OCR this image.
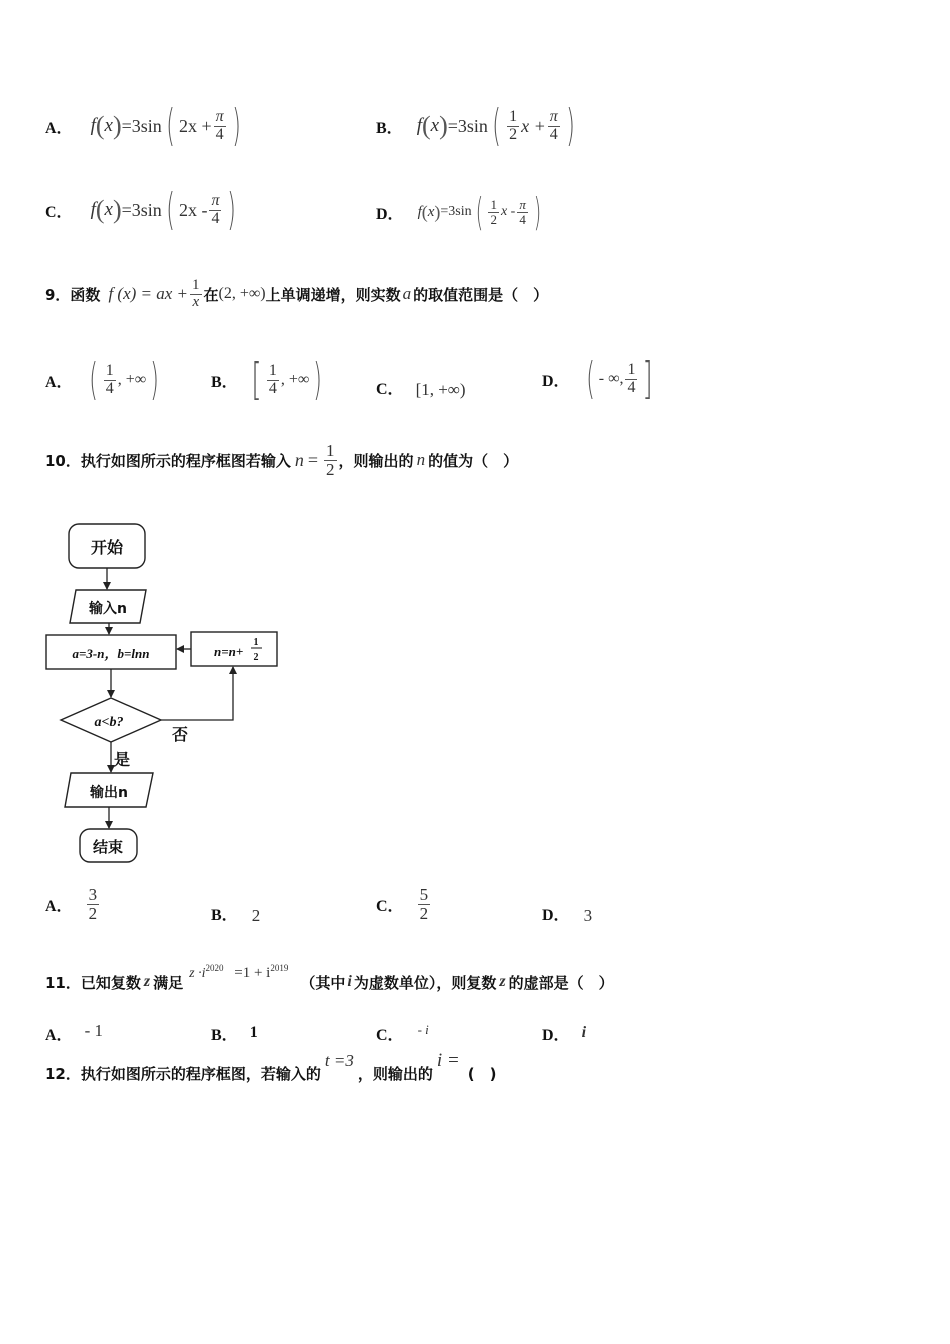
A． f ( x ) =3sin ( $2x + \frac{\pi}{4}$ )	B． f ( x ) =3sin ( $\frac{1}{2}$ $x + \frac{\pi}{4}$ )
C． f ( x ) =3sin ( $2x - \frac{\pi}{4}$ )	D． f ( x ) =3sin ( $\frac{1}{2}$ x - $\frac{\pi}{4}$ )
9．函数 f (x) = ax + $\frac{1}{x}$ 在 (2, +∞) 上单调递增，则实数 a 的取值范围是（　）
A． ( $\frac{1}{4}$ , +∞ )	B． [ $\frac{1}{4}$ , +∞ )	C． [1, +∞)	D． ( - ∞, $\frac{1}{4}$ ]
10．执行如图所示的程序框图若输入 $n = \frac{1}{2}$ ，则输出的 n 的值为（　）
开始
输入n
a=3-n，b=lnn	n=n+
1
2
a<b?
否
是
输出n
结束
A． $\frac{3}{2}$	B． 2	C． $\frac{5}{2}$	D． 3
11．已知复数 z 满足
$z \cdot i^{2020} =1 + i^{2019}$
（其中 i 为虚数单位），则复数 z 的虚部是（　）
A． - 1	B． 1	C． - i	D． i
12．执行如图所示的程序框图，若输入的
t =3
，则输出的
i =
(　)
